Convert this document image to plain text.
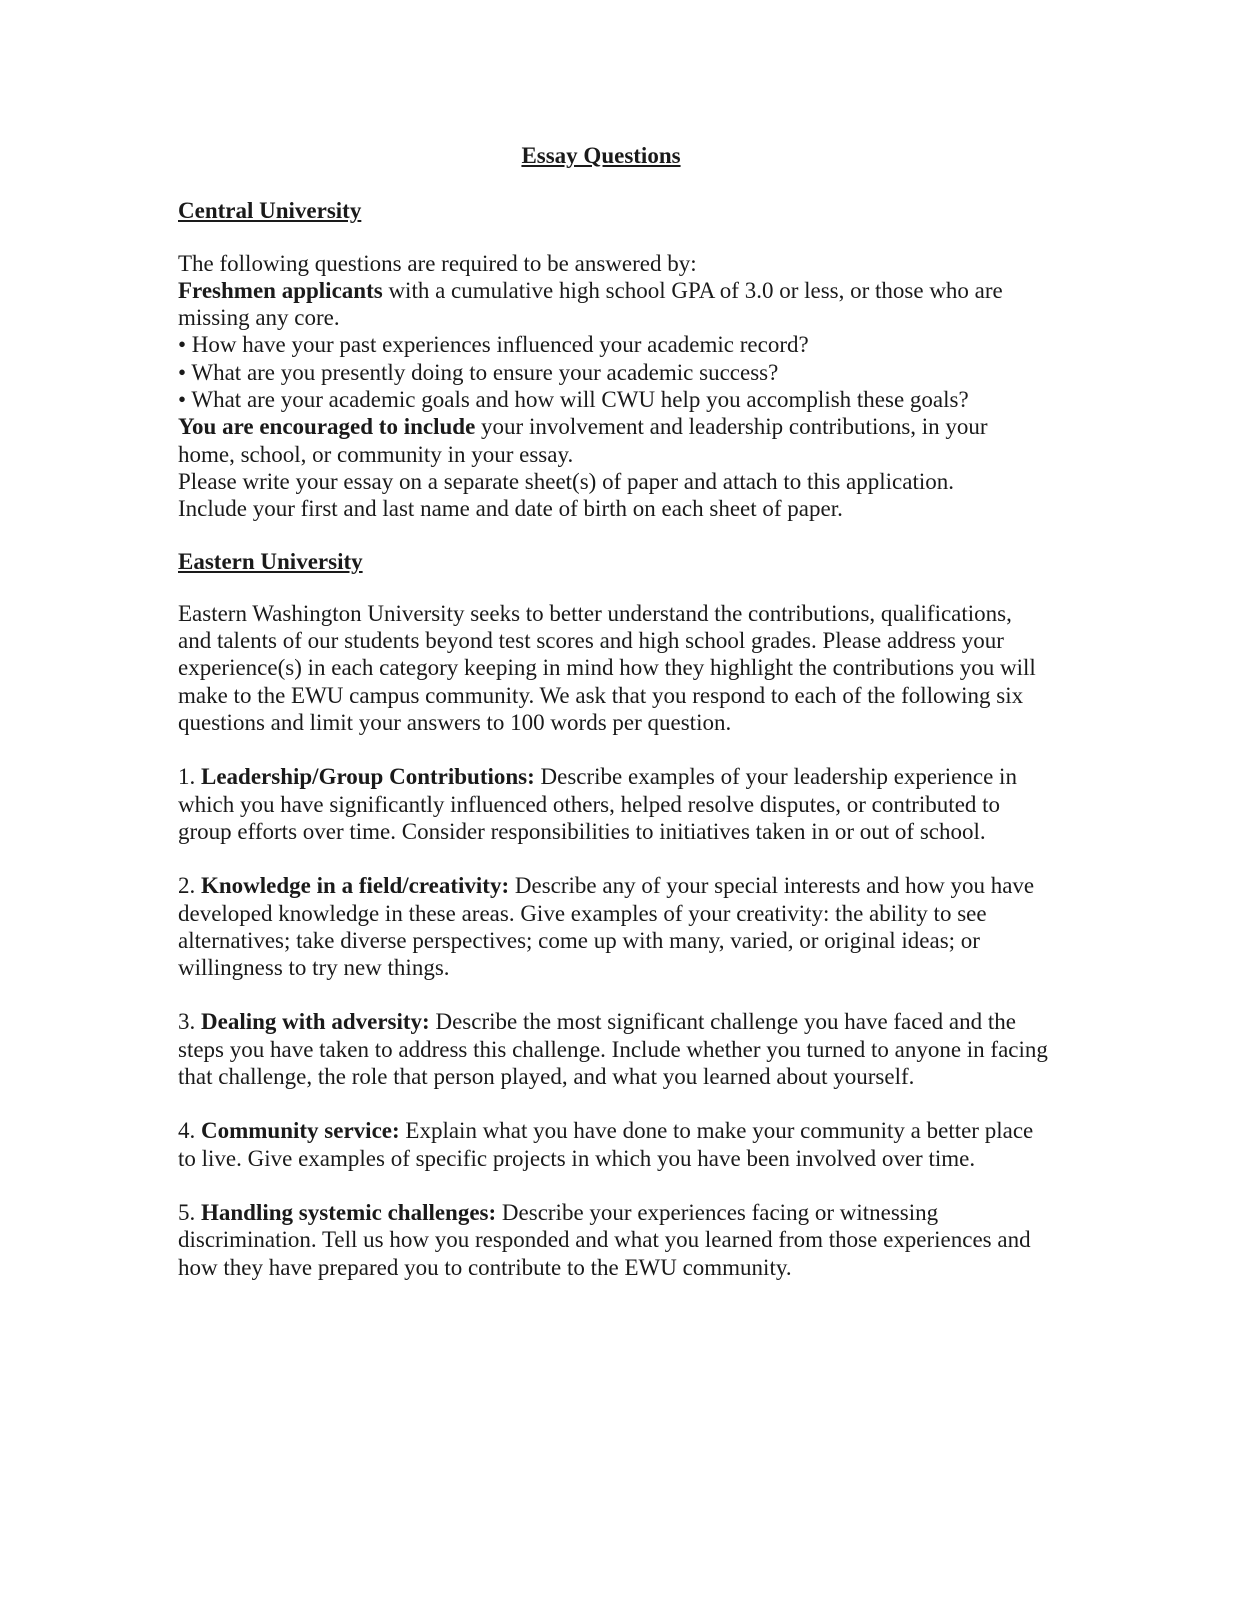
Essay Questions

Central University

The following questions are required to be answered by:

Freshmen applicants with a cumulative high school GPA of 3.0 or less, or those who are missing any core.

• How have your past experiences influenced your academic record?

• What are you presently doing to ensure your academic success?

• What are your academic goals and how will CWU help you accomplish these goals?

You are encouraged to include your involvement and leadership contributions, in your home, school, or community in your essay.

Please write your essay on a separate sheet(s) of paper and attach to this application.

Include your first and last name and date of birth on each sheet of paper.

Eastern University

Eastern Washington University seeks to better understand the contributions, qualifications, and talents of our students beyond test scores and high school grades. Please address your experience(s) in each category keeping in mind how they highlight the contributions you will make to the EWU campus community. We ask that you respond to each of the following six questions and limit your answers to 100 words per question.

1. Leadership/Group Contributions: Describe examples of your leadership experience in which you have significantly influenced others, helped resolve disputes, or contributed to group efforts over time. Consider responsibilities to initiatives taken in or out of school.

2. Knowledge in a field/creativity: Describe any of your special interests and how you have developed knowledge in these areas. Give examples of your creativity: the ability to see alternatives; take diverse perspectives; come up with many, varied, or original ideas; or willingness to try new things.

3. Dealing with adversity: Describe the most significant challenge you have faced and the steps you have taken to address this challenge. Include whether you turned to anyone in facing that challenge, the role that person played, and what you learned about yourself.

4. Community service: Explain what you have done to make your community a better place to live. Give examples of specific projects in which you have been involved over time.

5. Handling systemic challenges: Describe your experiences facing or witnessing discrimination. Tell us how you responded and what you learned from those experiences and how they have prepared you to contribute to the EWU community.
